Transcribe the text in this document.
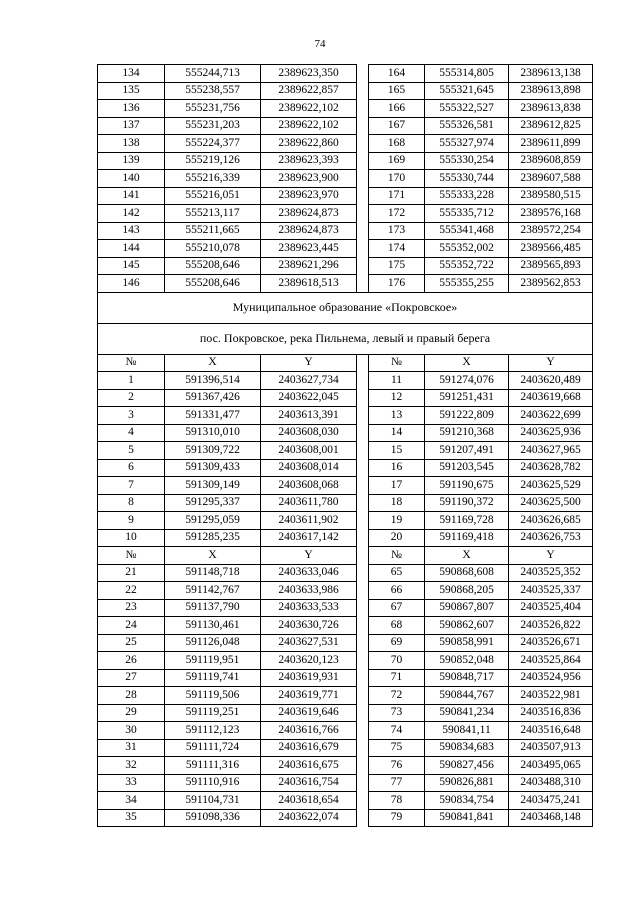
74
134	555244,713	2389623,350		164	555314,805	2389613,138
135	555238,557	2389622,857		165	555321,645	2389613,898
136	555231,756	2389622,102		166	555322,527	2389613,838
137	555231,203	2389622,102		167	555326,581	2389612,825
138	555224,377	2389622,860		168	555327,974	2389611,899
139	555219,126	2389623,393		169	555330,254	2389608,859
140	555216,339	2389623,900		170	555330,744	2389607,588
141	555216,051	2389623,970		171	555333,228	2389580,515
142	555213,117	2389624,873		172	555335,712	2389576,168
143	555211,665	2389624,873		173	555341,468	2389572,254
144	555210,078	2389623,445		174	555352,002	2389566,485
145	555208,646	2389621,296		175	555352,722	2389565,893
146	555208,646	2389618,513		176	555355,255	2389562,853
Муниципальное образование «Покровское»						
пос. Покровское, река Пильнема, левый и правый берега						
№	X	Y		№	X	Y
1	591396,514	2403627,734		11	591274,076	2403620,489
2	591367,426	2403622,045		12	591251,431	2403619,668
3	591331,477	2403613,391		13	591222,809	2403622,699
4	591310,010	2403608,030		14	591210,368	2403625,936
5	591309,722	2403608,001		15	591207,491	2403627,965
6	591309,433	2403608,014		16	591203,545	2403628,782
7	591309,149	2403608,068		17	591190,675	2403625,529
8	591295,337	2403611,780		18	591190,372	2403625,500
9	591295,059	2403611,902		19	591169,728	2403626,685
10	591285,235	2403617,142		20	591169,418	2403626,753
№	X	Y		№	X	Y
21	591148,718	2403633,046		65	590868,608	2403525,352
22	591142,767	2403633,986		66	590868,205	2403525,337
23	591137,790	2403633,533		67	590867,807	2403525,404
24	591130,461	2403630,726		68	590862,607	2403526,822
25	591126,048	2403627,531		69	590858,991	2403526,671
26	591119,951	2403620,123		70	590852,048	2403525,864
27	591119,741	2403619,931		71	590848,717	2403524,956
28	591119,506	2403619,771		72	590844,767	2403522,981
29	591119,251	2403619,646		73	590841,234	2403516,836
30	591112,123	2403616,766		74	590841,11	2403516,648
31	591111,724	2403616,679		75	590834,683	2403507,913
32	591111,316	2403616,675		76	590827,456	2403495,065
33	591110,916	2403616,754		77	590826,881	2403488,310
34	591104,731	2403618,654		78	590834,754	2403475,241
35	591098,336	2403622,074		79	590841,841	2403468,148
